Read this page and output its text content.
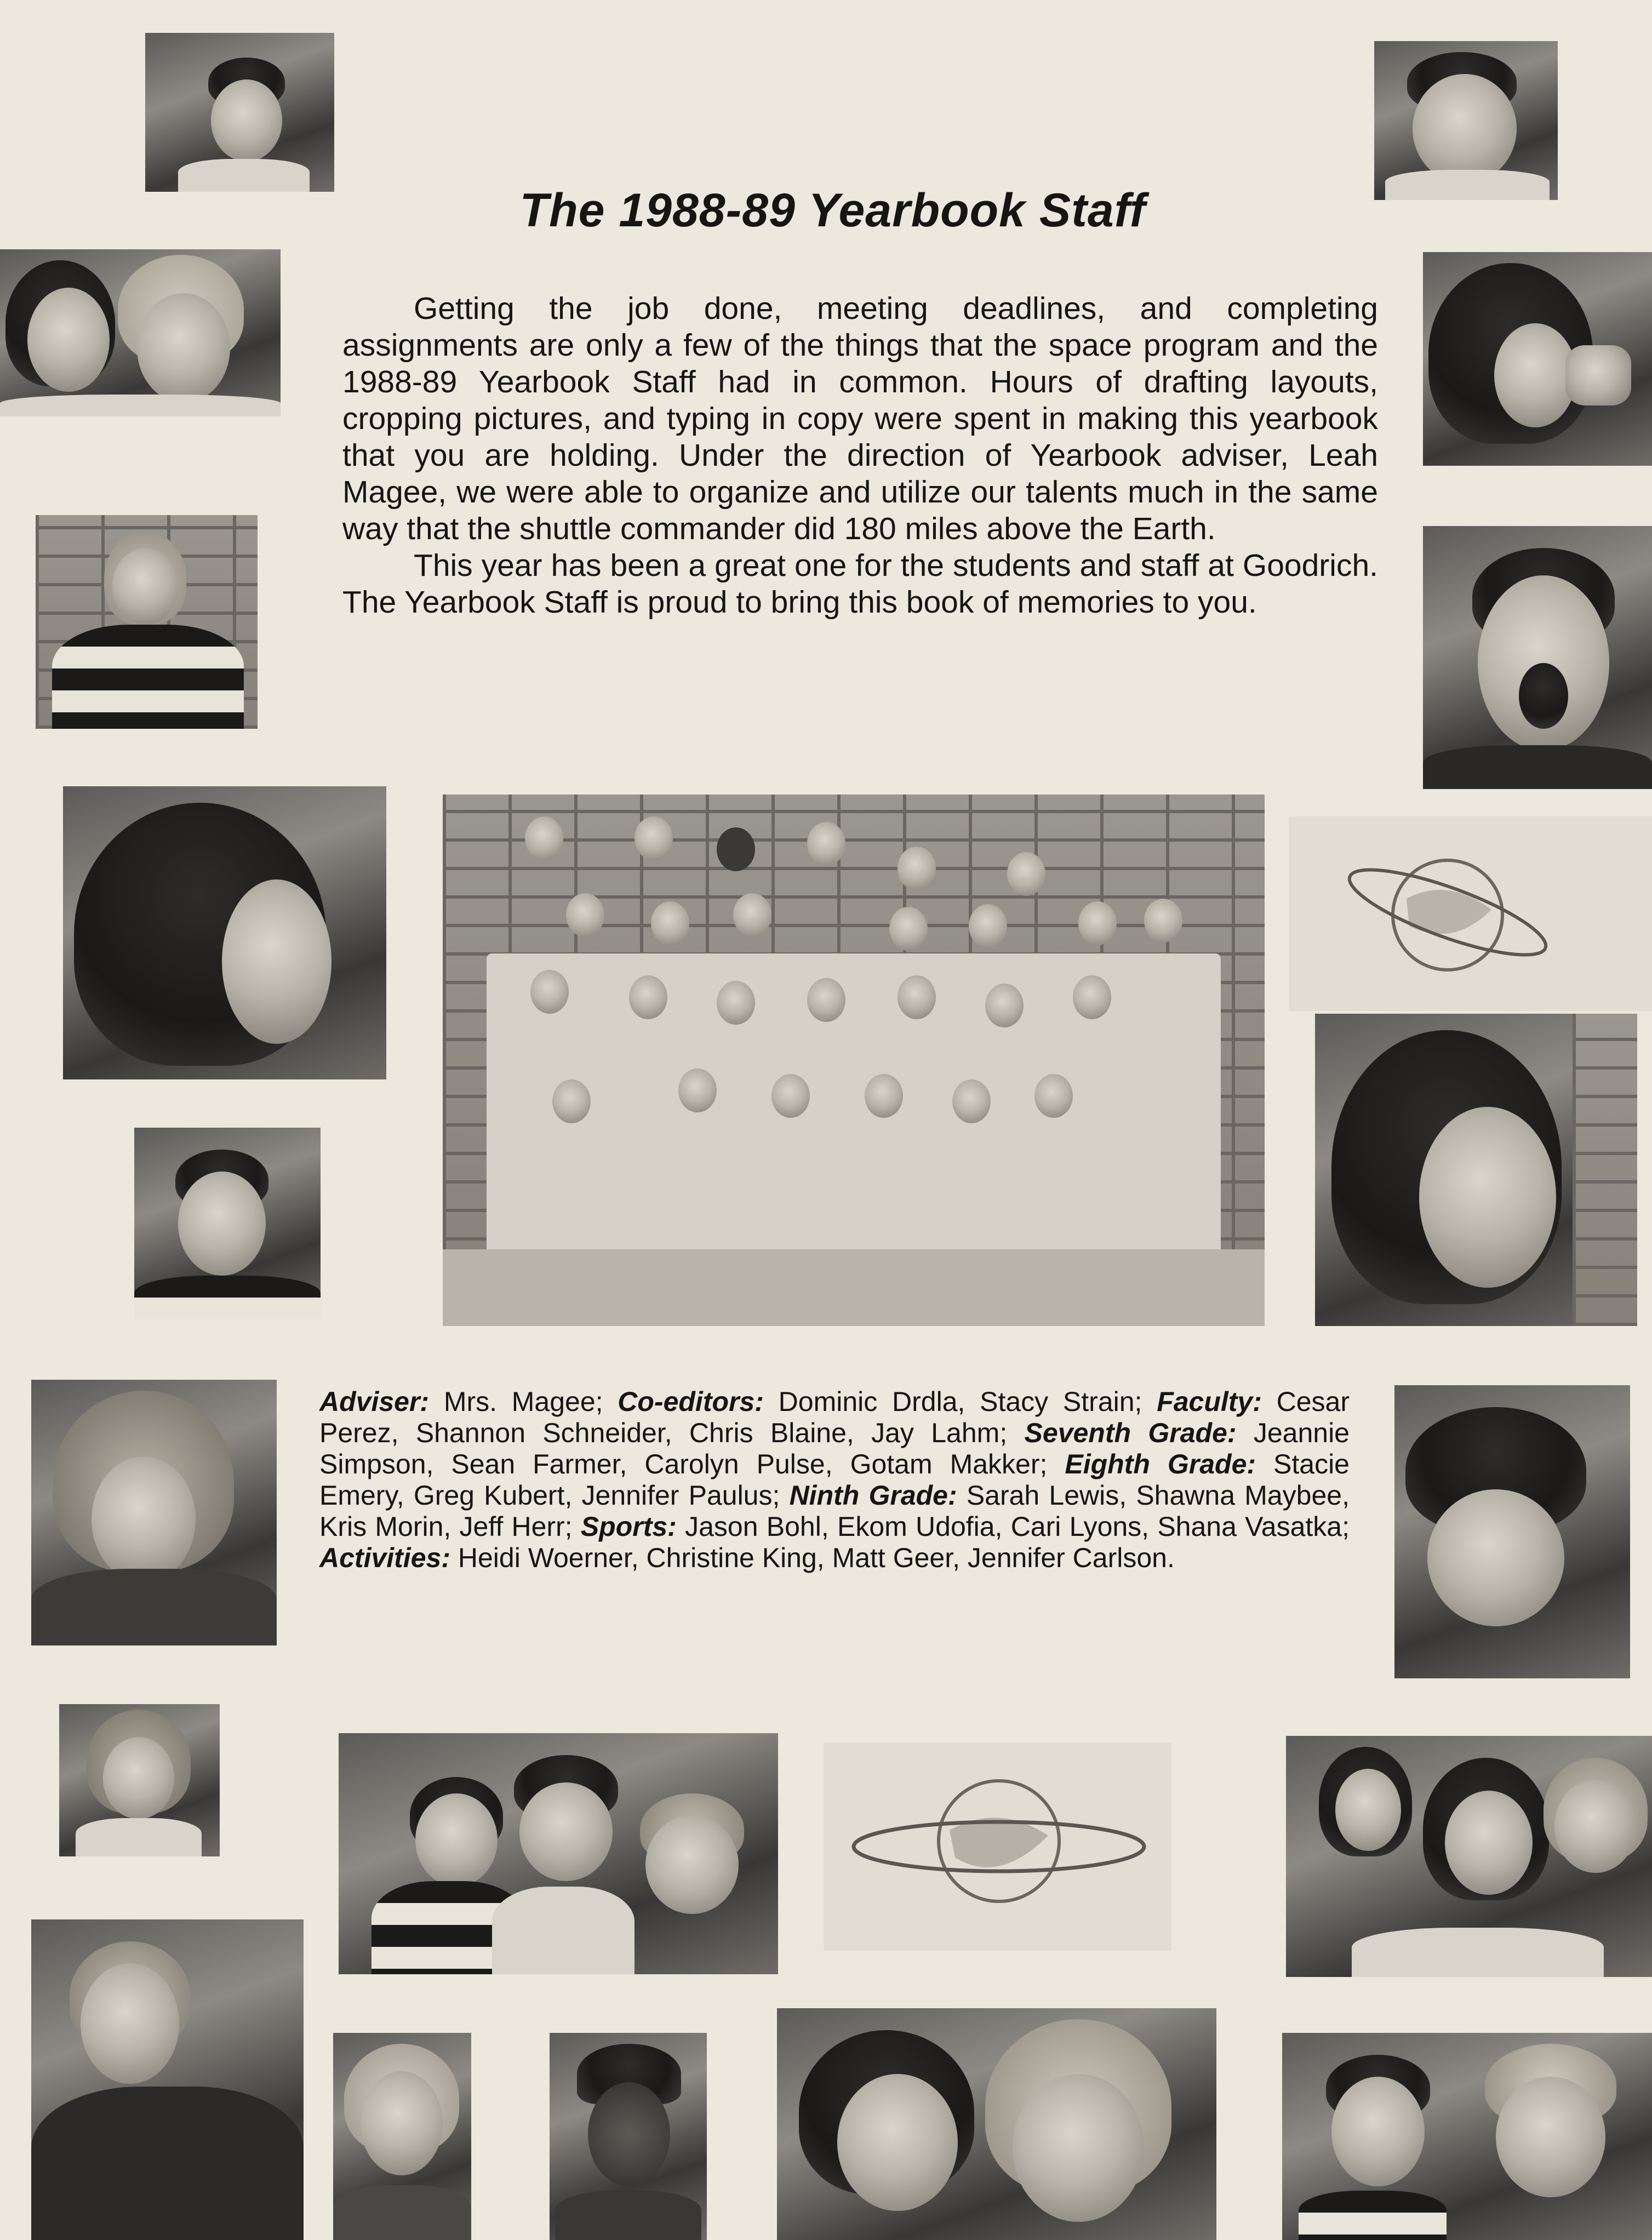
The 1988-89 Yearbook Staff

Getting the job done, meeting deadlines, and completing assignments are only a few of the things that the space program and the 1988-89 Yearbook Staff had in common. Hours of drafting layouts, cropping pictures, and typing in copy were spent in making this yearbook that you are holding. Under the direction of Yearbook adviser, Leah Magee, we were able to organize and utilize our talents much in the same way that the shuttle commander did 180 miles above the Earth.

This year has been a great one for the students and staff at Goodrich. The Yearbook Staff is proud to bring this book of memories to you.

Adviser: Mrs. Magee; Co-editors: Dominic Drdla, Stacy Strain; Faculty: Cesar Perez, Shannon Schneider, Chris Blaine, Jay Lahm; Seventh Grade: Jeannie Simpson, Sean Farmer, Carolyn Pulse, Gotam Makker; Eighth Grade: Stacie Emery, Greg Kubert, Jennifer Paulus; Ninth Grade: Sarah Lewis, Shawna Maybee, Kris Morin, Jeff Herr; Sports: Jason Bohl, Ekom Udofia, Cari Lyons, Shana Vasatka; Activities: Heidi Woerner, Christine King, Matt Geer, Jennifer Carlson.
